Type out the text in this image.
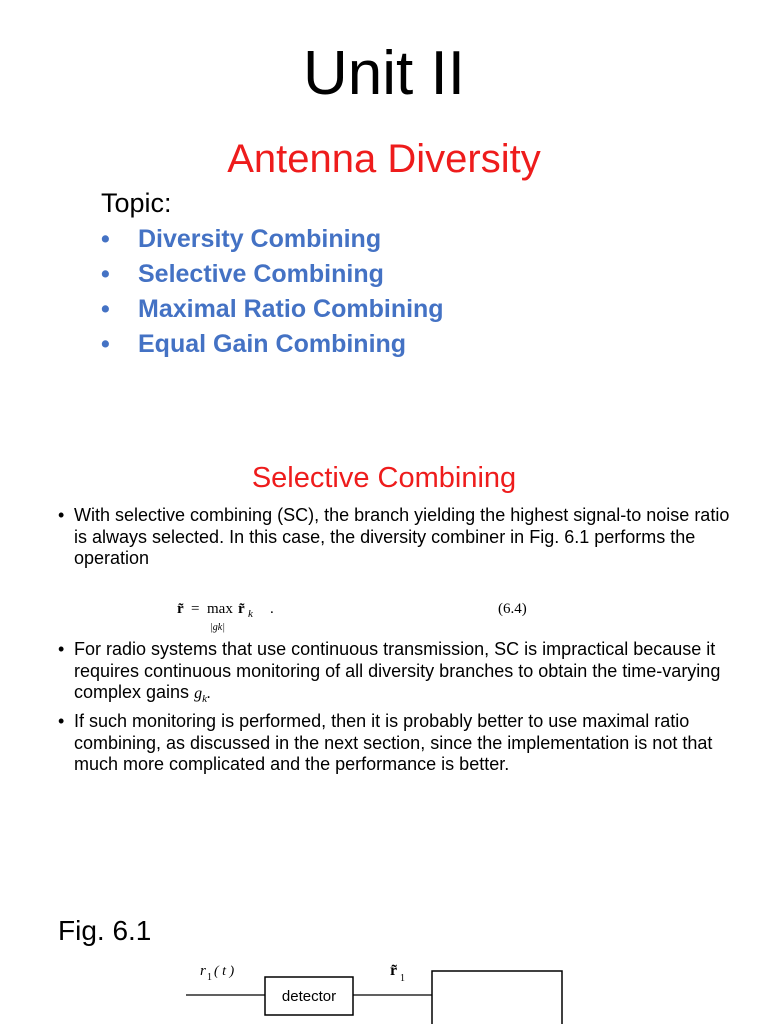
Unit II
Antenna Diversity
Topic:
•	Diversity Combining
•	Selective Combining
•	Maximal Ratio Combining
•	Equal Gain Combining
Selective Combining
• With selective combining (SC), the branch yielding the highest signal-to noise ratio is always selected. In this case, the diversity combiner in Fig. 6.1 performs the operation
r̃ = max
|gk|
r̃ k .	(6.4)
• For radio systems that use continuous transmission, SC is impractical because it requires continuous monitoring of all diversity branches to obtain the time-varying complex gains $g_k$.
• If such monitoring is performed, then it is probably better to use maximal ratio combining, as discussed in the next section, since the implementation is not that much more complicated and the performance is better.
Fig. 6.1
r 1 ( t )
detector
r̃ 1
